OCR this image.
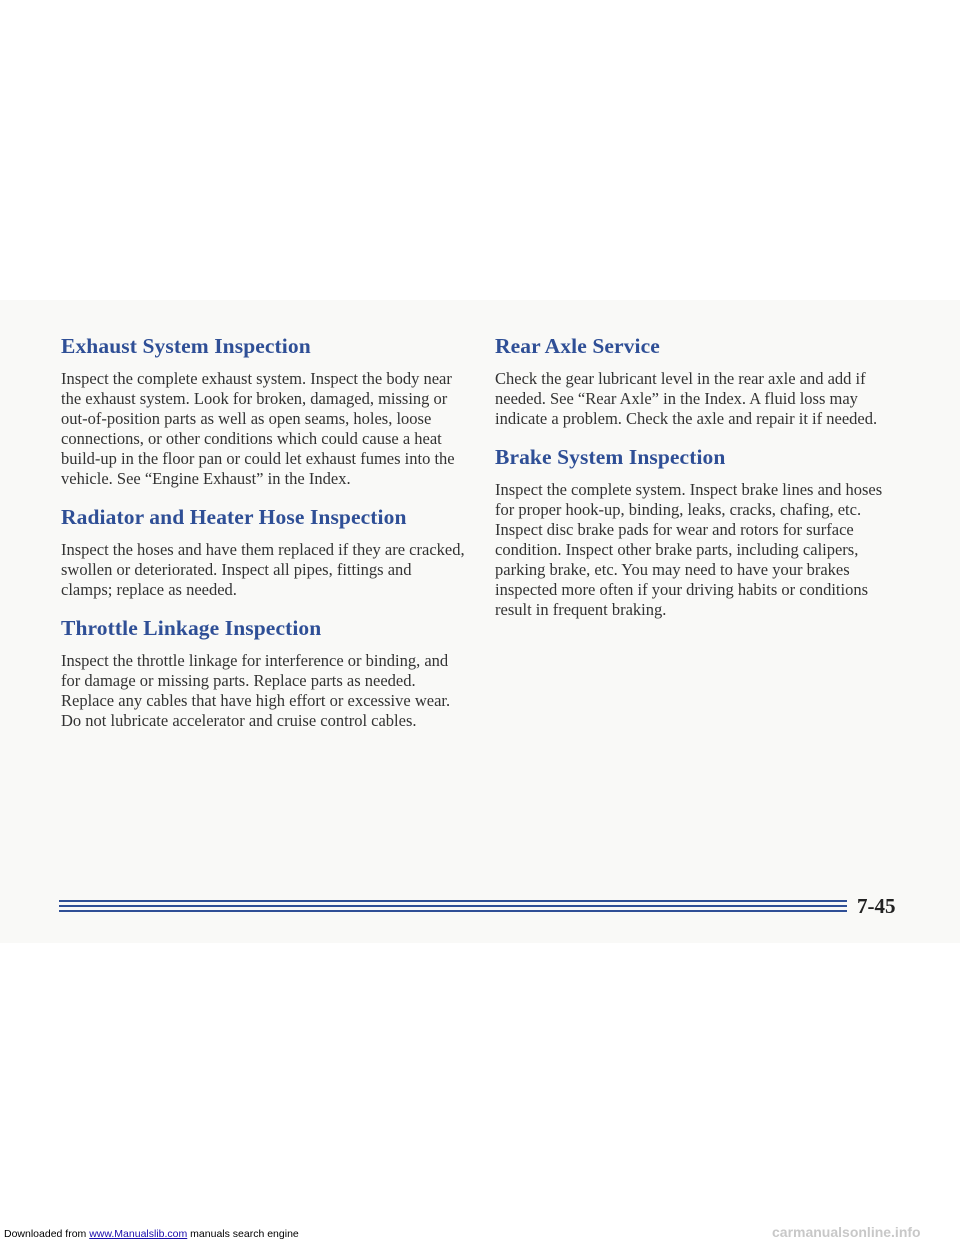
Exhaust System Inspection

Inspect the complete exhaust system. Inspect the body near the exhaust system. Look for broken, damaged, missing or out-of-position parts as well as open seams, holes, loose connections, or other conditions which could cause a heat build-up in the floor pan or could let exhaust fumes into the vehicle. See “Engine Exhaust” in the Index.

Radiator and Heater Hose Inspection

Inspect the hoses and have them replaced if they are cracked, swollen or deteriorated. Inspect all pipes, fittings and clamps; replace as needed.

Throttle Linkage Inspection

Inspect the throttle linkage for interference or binding, and for damage or missing parts. Replace parts as needed. Replace any cables that have high effort or excessive wear. Do not lubricate accelerator and cruise control cables.

Rear Axle Service

Check the gear lubricant level in the rear axle and add if needed. See “Rear Axle” in the Index. A fluid loss may indicate a problem. Check the axle and repair it if needed.

Brake System Inspection

Inspect the complete system. Inspect brake lines and hoses for proper hook-up, binding, leaks, cracks, chafing, etc. Inspect disc brake pads for wear and rotors for surface condition. Inspect other brake parts, including calipers, parking brake, etc. You may need to have your brakes inspected more often if your driving habits or conditions result in frequent braking.

7-45
Downloaded from www.Manualslib.com manuals search engine	carmanualsonline.info
